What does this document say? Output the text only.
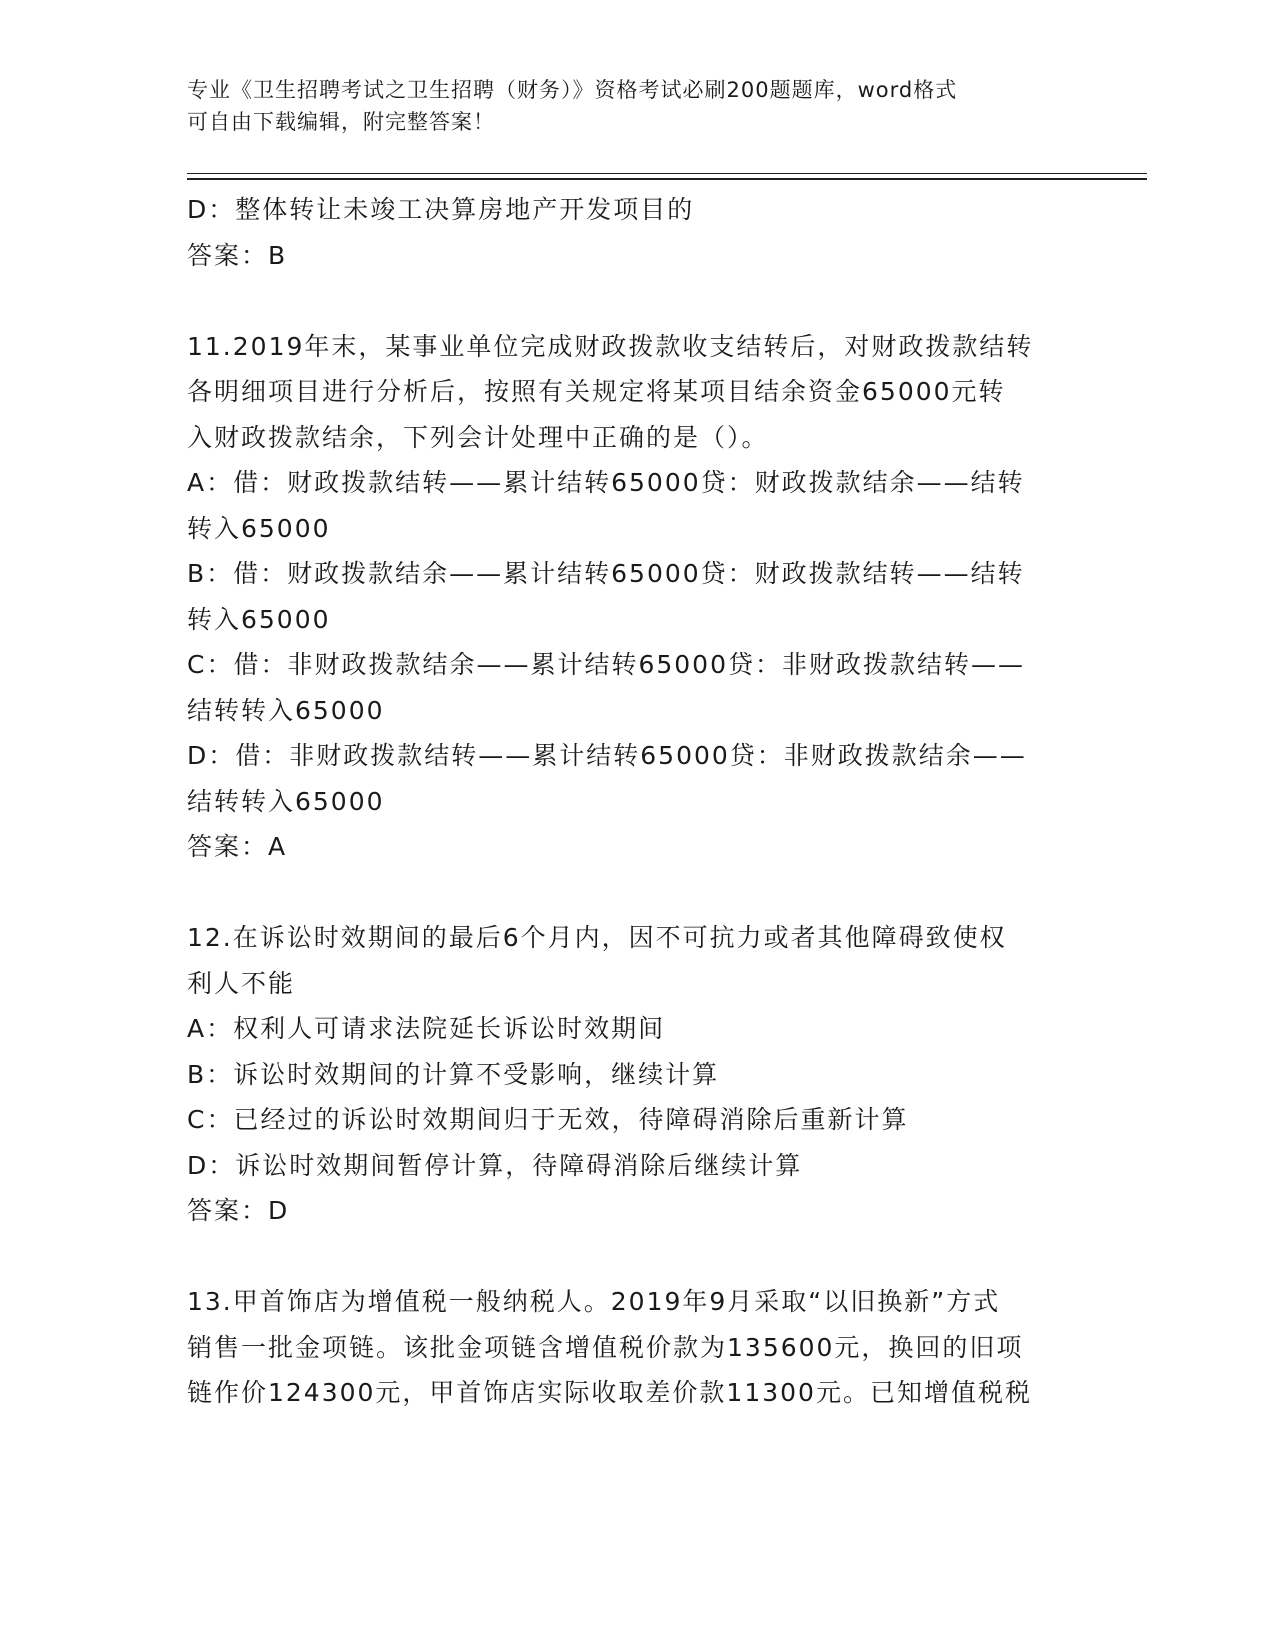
专业《卫生招聘考试之卫生招聘（财务）》资格考试必刷200题题库，word格式
可自由下载编辑，附完整答案！
D：整体转让未竣工决算房地产开发项目的
答案：B
11.2019年末，某事业单位完成财政拨款收支结转后，对财政拨款结转
各明细项目进行分析后，按照有关规定将某项目结余资金65000元转
入财政拨款结余，下列会计处理中正确的是（）。
A：借：财政拨款结转——累计结转65000贷：财政拨款结余——结转
转入65000
B：借：财政拨款结余——累计结转65000贷：财政拨款结转——结转
转入65000
C：借：非财政拨款结余——累计结转65000贷：非财政拨款结转——
结转转入65000
D：借：非财政拨款结转——累计结转65000贷：非财政拨款结余——
结转转入65000
答案：A
12.在诉讼时效期间的最后6个月内，因不可抗力或者其他障碍致使权
利人不能
A：权利人可请求法院延长诉讼时效期间
B：诉讼时效期间的计算不受影响，继续计算
C：已经过的诉讼时效期间归于无效，待障碍消除后重新计算
D：诉讼时效期间暂停计算，待障碍消除后继续计算
答案：D
13.甲首饰店为增值税一般纳税人。2019年9月采取“以旧换新”方式
销售一批金项链。该批金项链含增值税价款为135600元，换回的旧项
链作价124300元，甲首饰店实际收取差价款11300元。已知增值税税
